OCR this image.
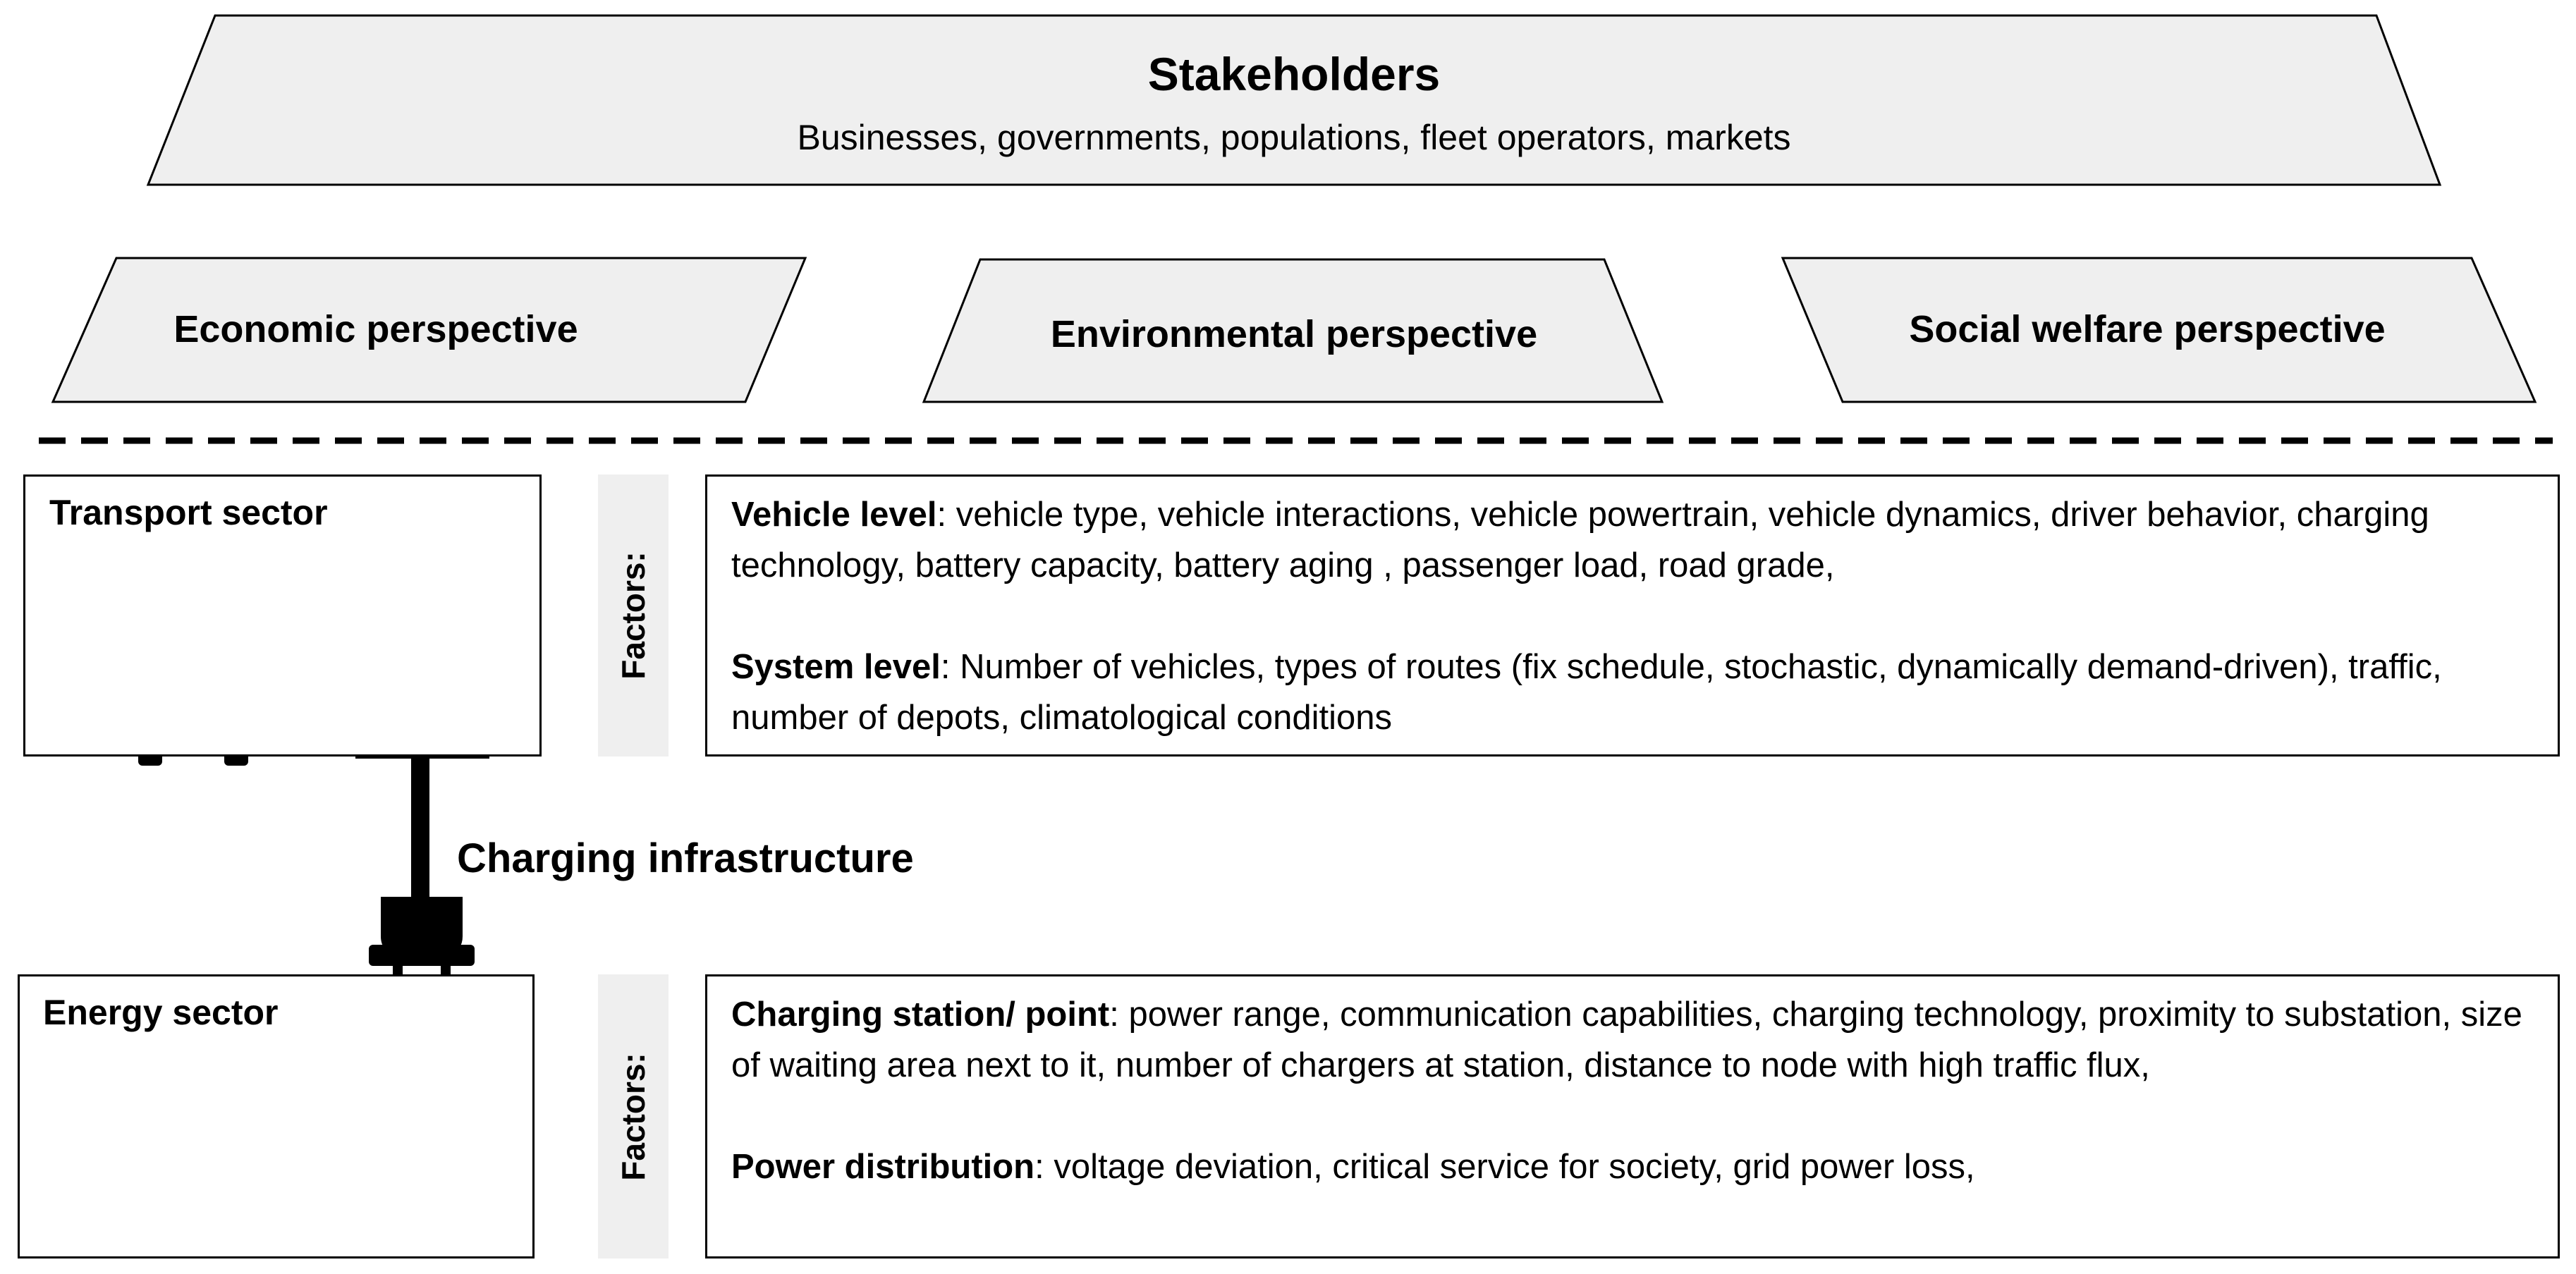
Stakeholders
Businesses, governments, populations, fleet operators, markets
Economic perspective	Environmental perspective	Social welfare perspective
Transport sector
Energy sector
Factors:
Factors:

Vehicle level: vehicle type, vehicle interactions, vehicle powertrain, vehicle dynamics, driver behavior, charging technology, battery capacity, battery aging , passenger load, road grade,

System level: Number of vehicles, types of routes (fix schedule, stochastic, dynamically demand-driven), traffic, number of depots, climatological conditions

Charging station/ point: power range, communication capabilities, charging technology, proximity to substation, size of waiting area next to it, number of chargers at station, distance to node with high traffic flux,

Power distribution: voltage deviation, critical service for society, grid power loss,

Charging infrastructure
